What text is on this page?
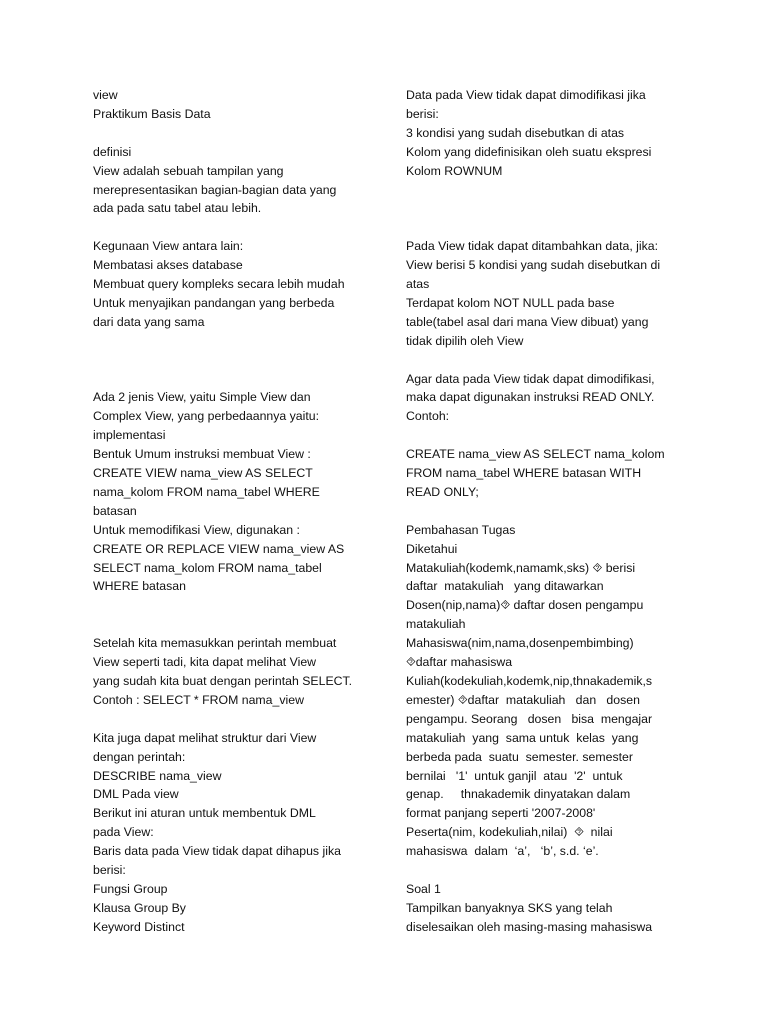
view
Praktikum Basis Data
definisi
View adalah sebuah tampilan yang
merepresentasikan bagian-bagian data yang
ada pada satu tabel atau lebih.
Kegunaan View antara lain:
Membatasi akses database
Membuat query kompleks secara lebih mudah
Untuk menyajikan pandangan yang berbeda
dari data yang sama
Ada 2 jenis View, yaitu Simple View dan
Complex View, yang perbedaannya yaitu:
implementasi
Bentuk Umum instruksi membuat View :
CREATE VIEW nama_view AS SELECT
nama_kolom FROM nama_tabel WHERE
batasan
Untuk memodifikasi View, digunakan :
CREATE OR REPLACE VIEW nama_view AS
SELECT nama_kolom FROM nama_tabel
WHERE batasan
Setelah kita memasukkan perintah membuat
View seperti tadi, kita dapat melihat View
yang sudah kita buat dengan perintah SELECT.
Contoh : SELECT * FROM nama_view
Kita juga dapat melihat struktur dari View
dengan perintah:
DESCRIBE nama_view
DML Pada view
Berikut ini aturan untuk membentuk DML
pada View:
Baris data pada View tidak dapat dihapus jika
berisi:
Fungsi Group
Klausa Group By
Keyword Distinct
Data pada View tidak dapat dimodifikasi jika
berisi:
3 kondisi yang sudah disebutkan di atas
Kolom yang didefinisikan oleh suatu ekspresi
Kolom ROWNUM
Pada View tidak dapat ditambahkan data, jika:
View berisi 5 kondisi yang sudah disebutkan di
atas
Terdapat kolom NOT NULL pada base
table(tabel asal dari mana View dibuat) yang
tidak dipilih oleh View
Agar data pada View tidak dapat dimodifikasi,
maka dapat digunakan instruksi READ ONLY.
Contoh:
CREATE nama_view AS SELECT nama_kolom
FROM nama_tabel WHERE batasan WITH
READ ONLY;
Pembahasan Tugas
Diketahui
Matakuliah(kodemk,namamk,sks) ⯑ berisi
daftar  matakuliah   yang ditawarkan
Dosen(nip,nama)⯑ daftar dosen pengampu
matakuliah
Mahasiswa(nim,nama,dosenpembimbing)
⯑daftar mahasiswa
Kuliah(kodekuliah,kodemk,nip,thnakademik,s
emester) ⯑daftar  matakuliah   dan   dosen
pengampu. Seorang   dosen   bisa  mengajar
matakuliah  yang  sama untuk  kelas  yang
berbeda pada  suatu  semester. semester
bernilai   '1'  untuk ganjil  atau  '2'  untuk
genap.     thnakademik dinyatakan dalam
format panjang seperti '2007-2008'
Peserta(nim, kodekuliah,nilai)  ⯑  nilai
mahasiswa  dalam  ‘a’,   ‘b’, s.d. ‘e’.
Soal 1
Tampilkan banyaknya SKS yang telah
diselesaikan oleh masing-masing mahasiswa
